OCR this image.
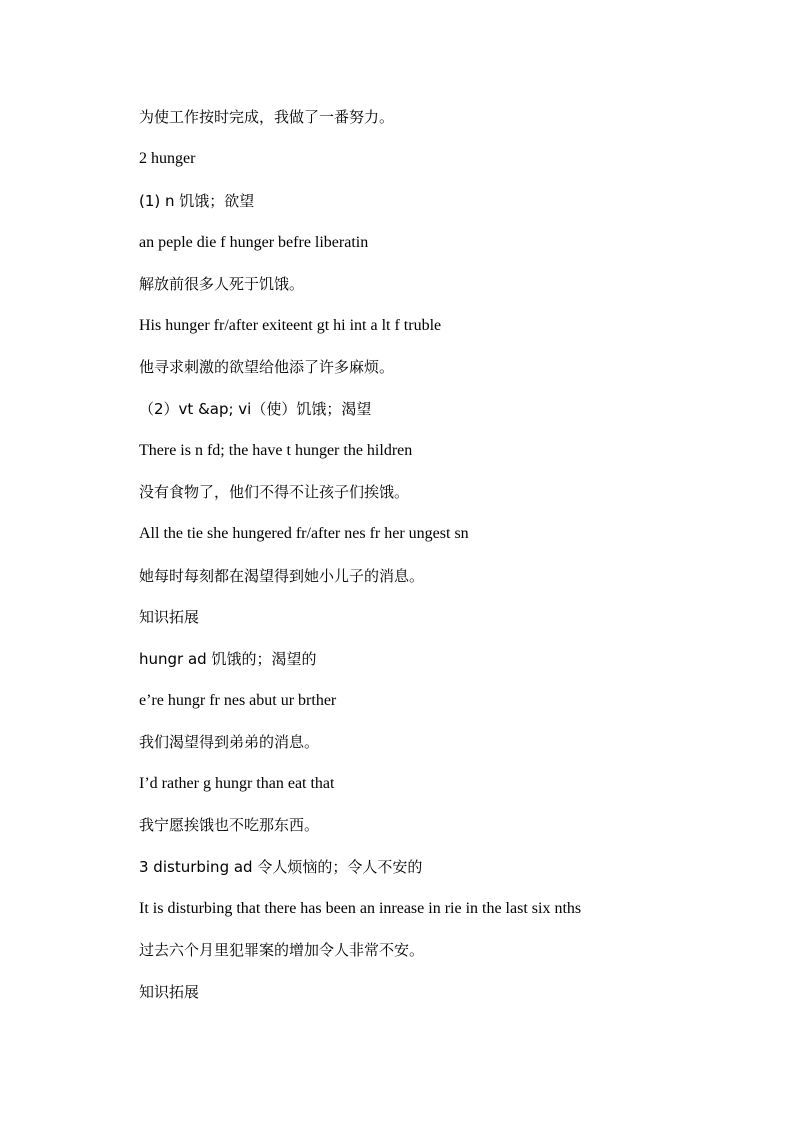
为使工作按时完成，我做了一番努力。

2 hunger

(1) n 饥饿；欲望

an peple die f hunger befre liberatin

解放前很多人死于饥饿。

His hunger fr/after exiteent gt hi int a lt f truble

他寻求刺激的欲望给他添了许多麻烦。

（2）vt &ap; vi（使）饥饿；渴望

There is n fd; the have t hunger the hildren

没有食物了，他们不得不让孩子们挨饿。

All the tie she hungered fr/after nes fr her ungest sn

她每时每刻都在渴望得到她小儿子的消息。

知识拓展

hungr ad 饥饿的；渴望的

e’re hungr fr nes abut ur brther

我们渴望得到弟弟的消息。

I’d rather g hungr than eat that

我宁愿挨饿也不吃那东西。

3 disturbing ad 令人烦恼的；令人不安的

It is disturbing that there has been an inrease in rie in the last six nths

过去六个月里犯罪案的增加令人非常不安。

知识拓展
